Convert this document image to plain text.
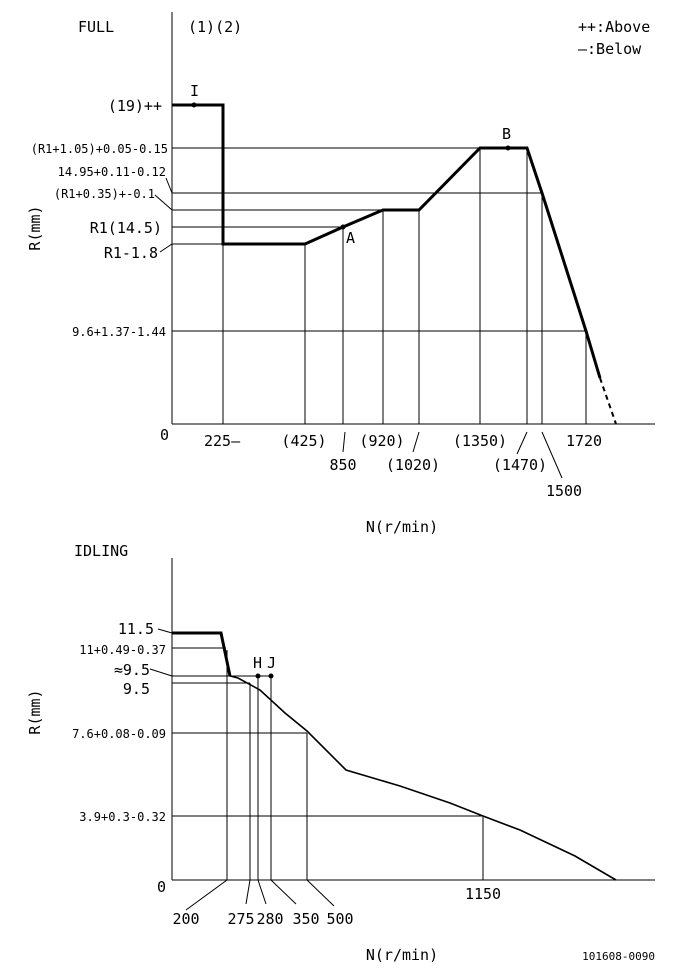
++:Above
—:Below
FULL	(1)(2)
I
A
B
(19)++
(R1+1.05)+0.05-0.15
14.95+0.11-0.12
(R1+0.35)+-0.1
R1(14.5)
R1-1.8
9.6+1.37-1.44
R(mm)
0
N(r/min)
225—	(425)
850
(920)
(1020)
(1350)
(1470)
1500
1720
IDLING
H J
11.5
11+0.49-0.37
≈9.5
9.5
7.6+0.08-0.09
3.9+0.3-0.32
R(mm)
0
N(r/min)
200 275 280 350 500
1150
101608-0090
